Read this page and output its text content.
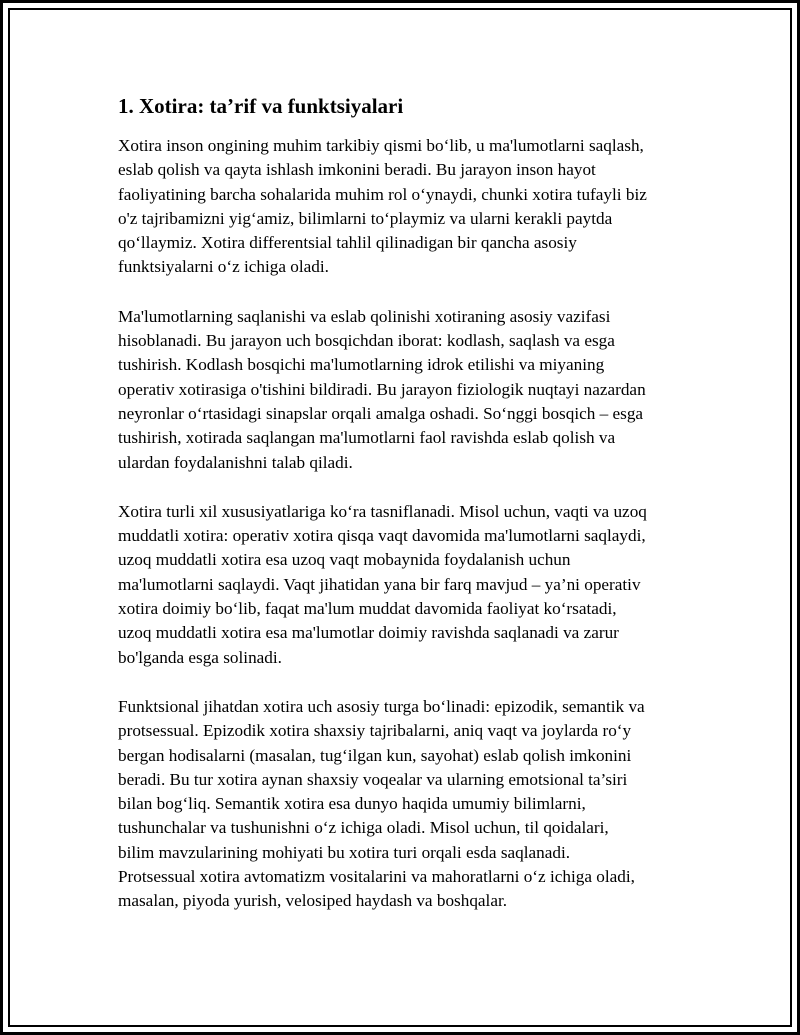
1. Xotira: ta’rif va funktsiyalari

Xotira inson ongining muhim tarkibiy qismi bo‘lib, u ma'lumotlarni saqlash,
eslab qolish va qayta ishlash imkonini beradi. Bu jarayon inson hayot
faoliyatining barcha sohalarida muhim rol o‘ynaydi, chunki xotira tufayli biz
o'z tajribamizni yig‘amiz, bilimlarni to‘playmiz va ularni kerakli paytda
qo‘llaymiz. Xotira differentsial tahlil qilinadigan bir qancha asosiy
funktsiyalarni o‘z ichiga oladi.

Ma'lumotlarning saqlanishi va eslab qolinishi xotiraning asosiy vazifasi
hisoblanadi. Bu jarayon uch bosqichdan iborat: kodlash, saqlash va esga
tushirish. Kodlash bosqichi ma'lumotlarning idrok etilishi va miyaning
operativ xotirasiga o'tishini bildiradi. Bu jarayon fiziologik nuqtayi nazardan
neyronlar o‘rtasidagi sinapslar orqali amalga oshadi. So‘nggi bosqich – esga
tushirish, xotirada saqlangan ma'lumotlarni faol ravishda eslab qolish va
ulardan foydalanishni talab qiladi.

Xotira turli xil xususiyatlariga ko‘ra tasniflanadi. Misol uchun, vaqti va uzoq
muddatli xotira: operativ xotira qisqa vaqt davomida ma'lumotlarni saqlaydi,
uzoq muddatli xotira esa uzoq vaqt mobaynida foydalanish uchun
ma'lumotlarni saqlaydi. Vaqt jihatidan yana bir farq mavjud – ya’ni operativ
xotira doimiy bo‘lib, faqat ma'lum muddat davomida faoliyat ko‘rsatadi,
uzoq muddatli xotira esa ma'lumotlar doimiy ravishda saqlanadi va zarur
bo'lganda esga solinadi.

Funktsional jihatdan xotira uch asosiy turga bo‘linadi: epizodik, semantik va
protsessual. Epizodik xotira shaxsiy tajribalarni, aniq vaqt va joylarda ro‘y
bergan hodisalarni (masalan, tug‘ilgan kun, sayohat) eslab qolish imkonini
beradi. Bu tur xotira aynan shaxsiy voqealar va ularning emotsional ta’siri
bilan bog‘liq. Semantik xotira esa dunyo haqida umumiy bilimlarni,
tushunchalar va tushunishni o‘z ichiga oladi. Misol uchun, til qoidalari,
bilim mavzularining mohiyati bu xotira turi orqali esda saqlanadi.
Protsessual xotira avtomatizm vositalarini va mahoratlarni o‘z ichiga oladi,
masalan, piyoda yurish, velosiped haydash va boshqalar.
